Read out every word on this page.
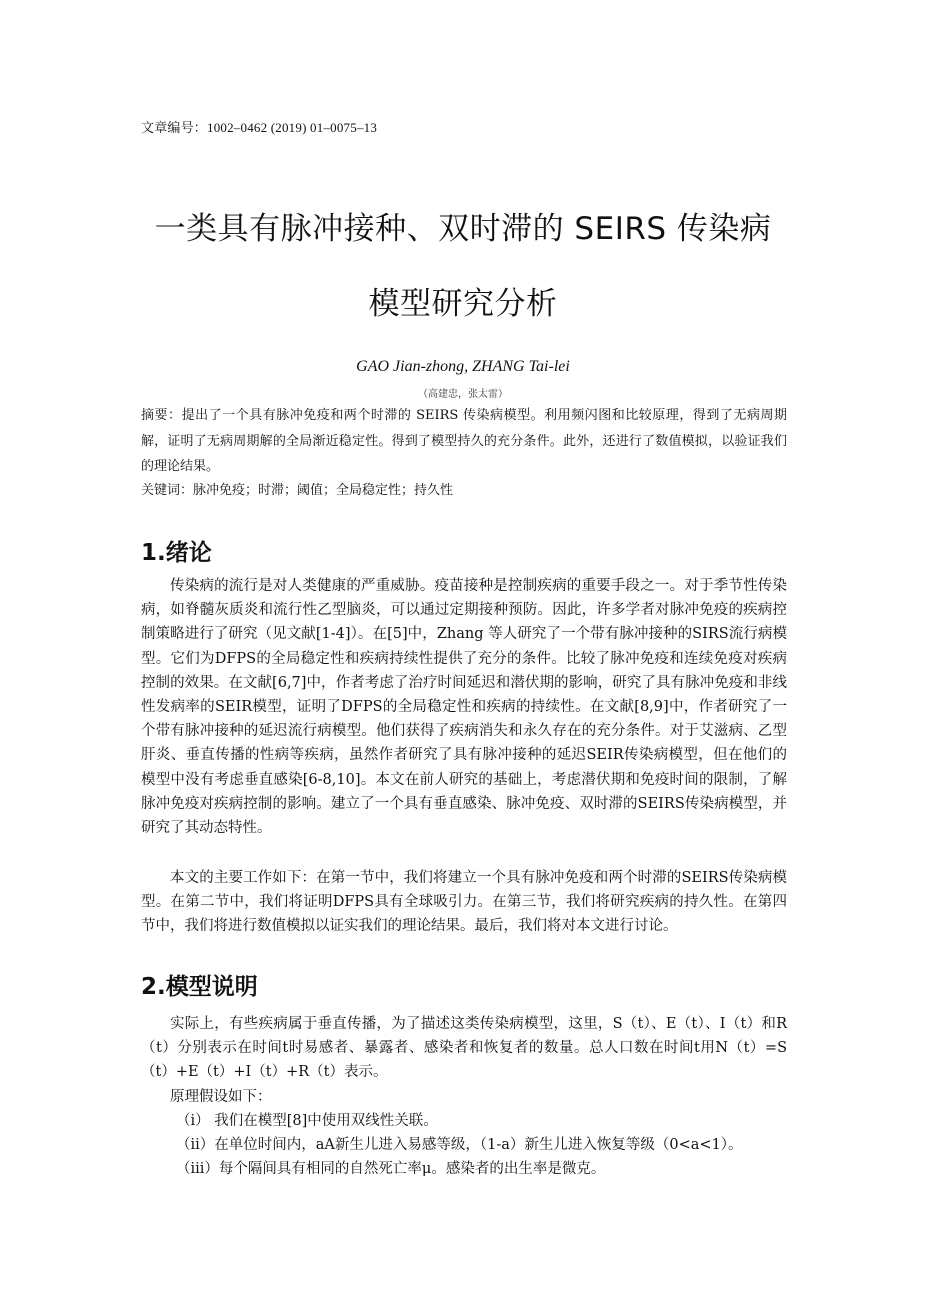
文章编号：1002–0462 (2019) 01–0075–13
一类具有脉冲接种、双时滞的 SEIRS 传染病
模型研究分析
GAO Jian-zhong, ZHANG Tai-lei
（高建忠，张太雷）
摘要：提出了一个具有脉冲免疫和两个时滞的 SEIRS 传染病模型。利用频闪图和比较原理，得到了无病周期解，证明了无病周期解的全局渐近稳定性。得到了模型持久的充分条件。此外，还进行了数值模拟，以验证我们的理论结果。
关键词：脉冲免疫；时滞；阈值；全局稳定性；持久性
1.绪论

传染病的流行是对人类健康的严重威胁。疫苗接种是控制疾病的重要手段之一。对于季节性传染病，如脊髓灰质炎和流行性乙型脑炎，可以通过定期接种预防。因此，许多学者对脉冲免疫的疾病控制策略进行了研究（见文献[1-4]）。在[5]中，Zhang 等人研究了一个带有脉冲接种的SIRS流行病模型。它们为DFPS的全局稳定性和疾病持续性提供了充分的条件。比较了脉冲免疫和连续免疫对疾病控制的效果。在文献[6,7]中，作者考虑了治疗时间延迟和潜伏期的影响，研究了具有脉冲免疫和非线性发病率的SEIR模型，证明了DFPS的全局稳定性和疾病的持续性。在文献[8,9]中，作者研究了一个带有脉冲接种的延迟流行病模型。他们获得了疾病消失和永久存在的充分条件。对于艾滋病、乙型肝炎、垂直传播的性病等疾病，虽然作者研究了具有脉冲接种的延迟SEIR传染病模型，但在他们的模型中没有考虑垂直感染[6-8,10]。本文在前人研究的基础上，考虑潜伏期和免疫时间的限制，了解脉冲免疫对疾病控制的影响。建立了一个具有垂直感染、脉冲免疫、双时滞的SEIRS传染病模型，并研究了其动态特性。

本文的主要工作如下：在第一节中，我们将建立一个具有脉冲免疫和两个时滞的SEIRS传染病模型。在第二节中，我们将证明DFPS具有全球吸引力。在第三节，我们将研究疾病的持久性。在第四节中，我们将进行数值模拟以证实我们的理论结果。最后，我们将对本文进行讨论。

2.模型说明

实际上，有些疾病属于垂直传播，为了描述这类传染病模型，这里，S（t）、E（t）、I（t）和R（t）分别表示在时间t时易感者、暴露者、感染者和恢复者的数量。总人口数在时间t用N（t）=S（t）+E（t）+I（t）+R（t）表示。

原理假设如下：

（i） 我们在模型[8]中使用双线性关联。
（ii）在单位时间内，aA新生儿进入易感等级，（1-a）新生儿进入恢复等级（0<a<1）。
（iii）每个隔间具有相同的自然死亡率μ。感染者的出生率是微克。
